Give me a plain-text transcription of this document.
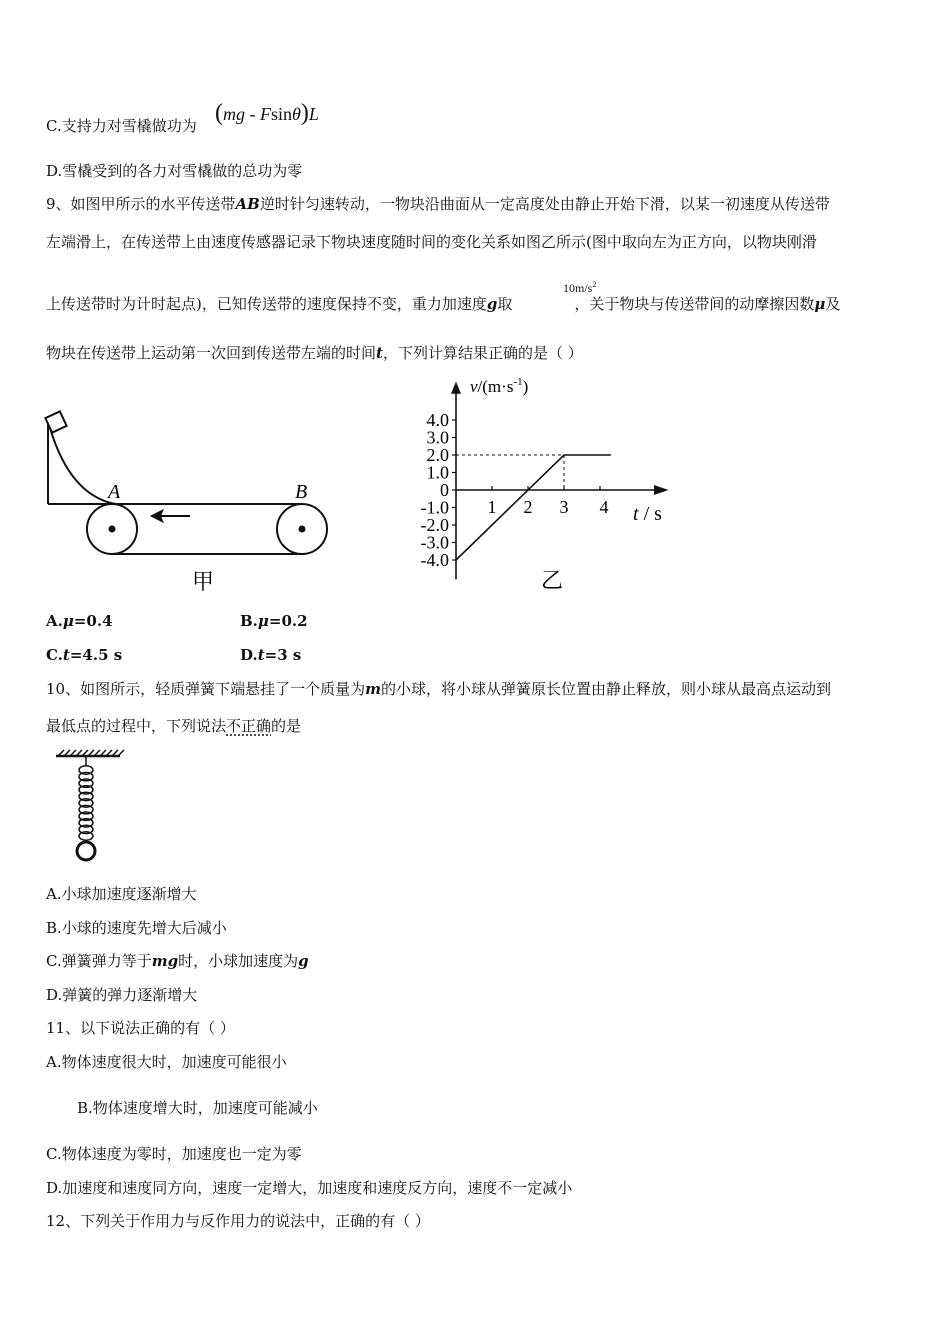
C.支持力对雪橇做功为 (mg - Fsinθ)L
D.雪橇受到的各力对雪橇做的总功为零
9、如图甲所示的水平传送带AB逆时针匀速转动，一物块沿曲面从一定高度处由静止开始下滑，以某一初速度从传送带
左端滑上，在传送带上由速度传感器记录下物块速度随时间的变化关系如图乙所示(图中取向左为正方向，以物块刚滑
$10m/s^2$
上传送带时为计时起点)，已知传送带的速度保持不变，重力加速度g取	，关于物块与传送带间的动摩擦因数μ及
物块在传送带上运动第一次回到传送带左端的时间t，下列计算结果正确的是（ ）
A	B
甲
4.0
3.0
2.0
1.0
0
-1.0
-2.0
-3.0
-4.0
1 2 3 4
$v/(m\cdot s^{-1})$
t / s
乙
A.μ=0.4	B.μ=0.2
C.t=4.5 s	D.t=3 s
10、如图所示，轻质弹簧下端悬挂了一个质量为m的小球，将小球从弹簧原长位置由静止释放，则小球从最高点运动到
最低点的过程中，下列说法不正确的是
A.小球加速度逐渐增大
B.小球的速度先增大后减小
C.弹簧弹力等于mg时，小球加速度为g
D.弹簧的弹力逐渐增大
11、以下说法正确的有（ ）
A.物体速度很大时，加速度可能很小
B.物体速度增大时，加速度可能减小
C.物体速度为零时，加速度也一定为零
D.加速度和速度同方向，速度一定增大，加速度和速度反方向，速度不一定减小
12、下列关于作用力与反作用力的说法中，正确的有（ ）
